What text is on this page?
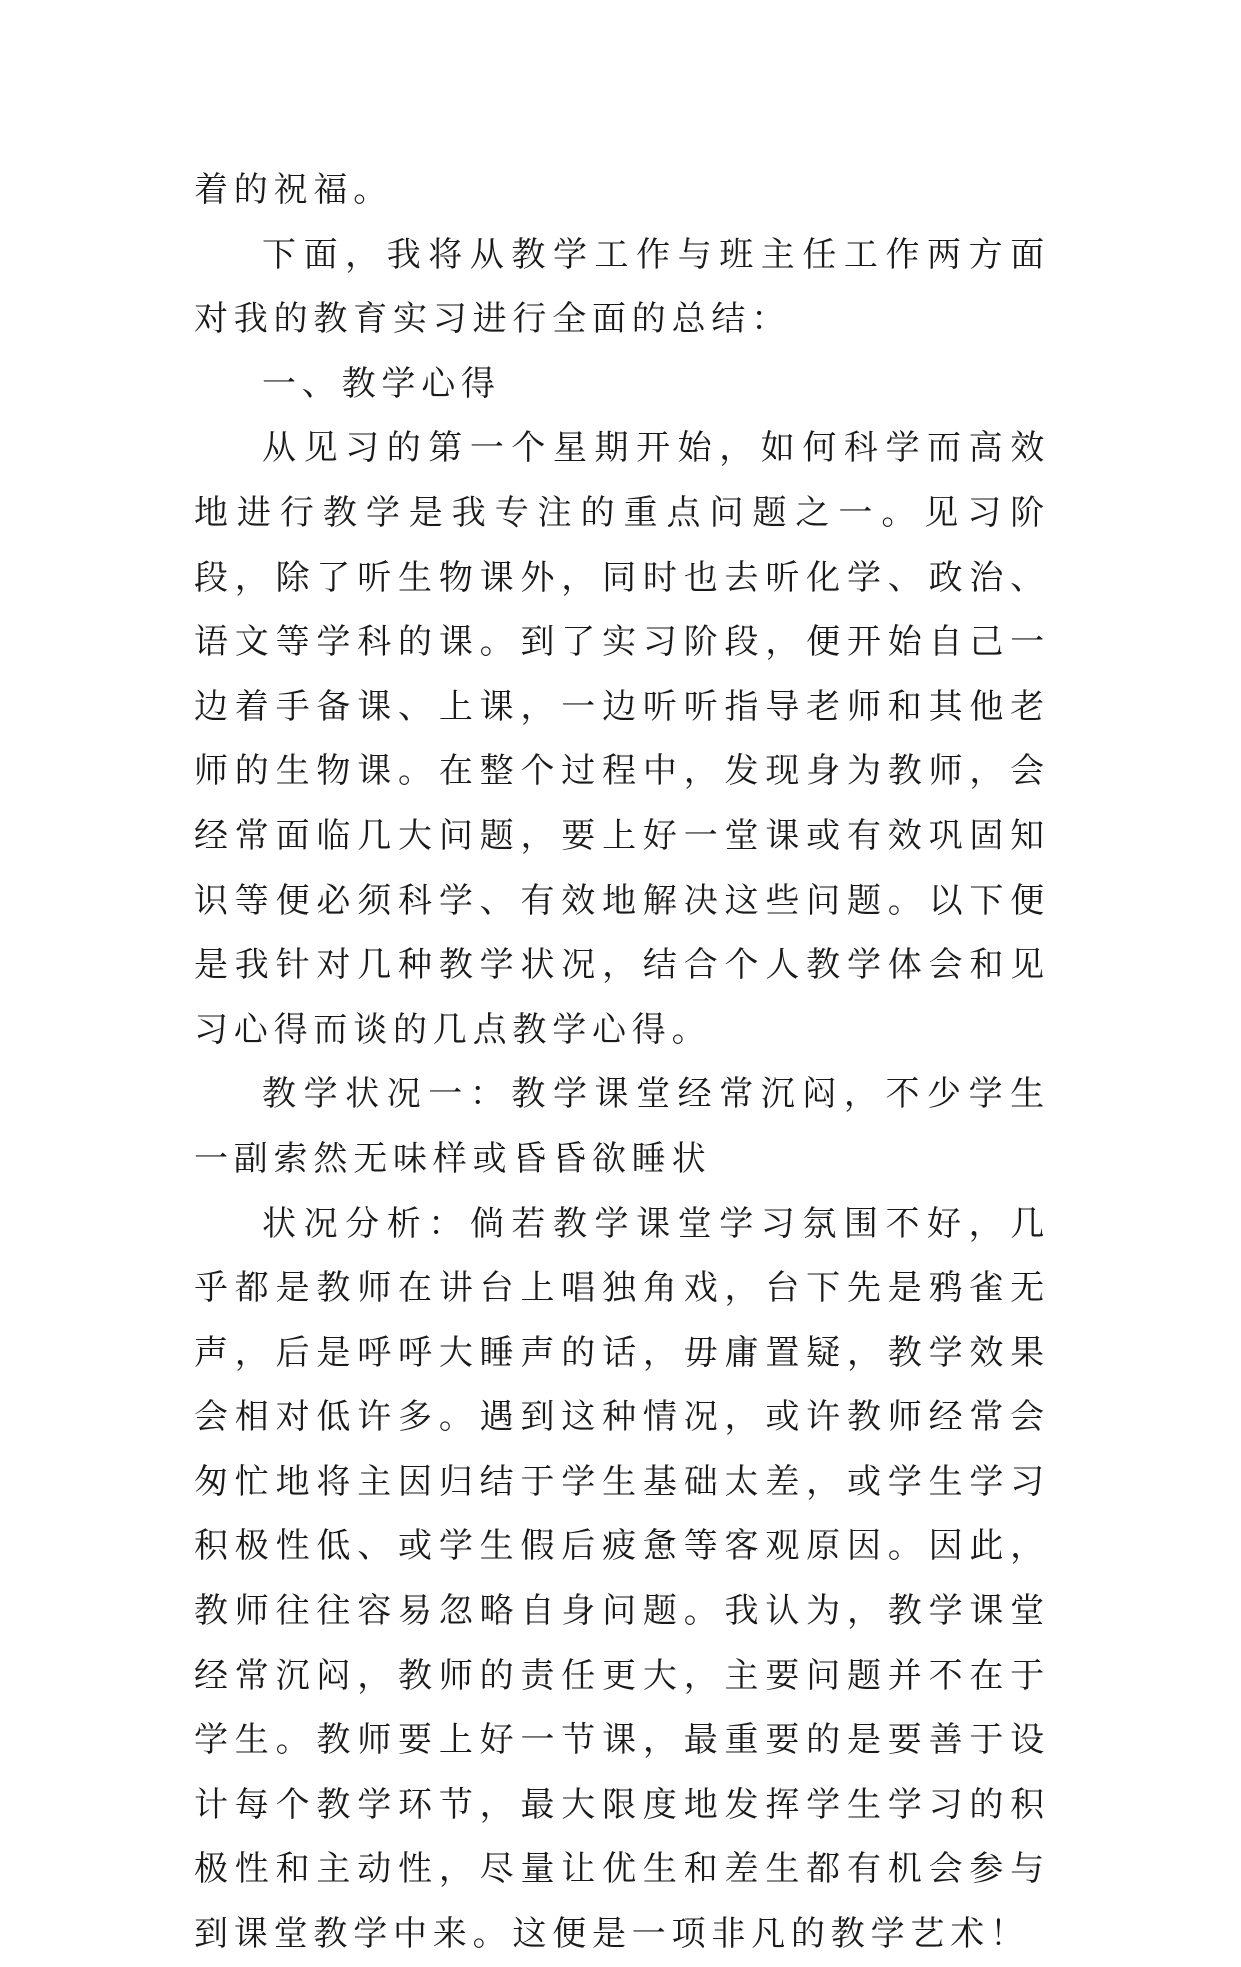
着的祝福。

下面，我将从教学工作与班主任工作两方面对我的教育实习进行全面的总结：

一、教学心得

从见习的第一个星期开始，如何科学而高效地进行教学是我专注的重点问题之一。见习阶段，除了听生物课外，同时也去听化学、政治、语文等学科的课。到了实习阶段，便开始自己一边着手备课、上课，一边听听指导老师和其他老师的生物课。在整个过程中，发现身为教师，会经常面临几大问题，要上好一堂课或有效巩固知识等便必须科学、有效地解决这些问题。以下便是我针对几种教学状况，结合个人教学体会和见习心得而谈的几点教学心得。

教学状况一：教学课堂经常沉闷，不少学生一副索然无味样或昏昏欲睡状

状况分析：倘若教学课堂学习氛围不好，几乎都是教师在讲台上唱独角戏，台下先是鸦雀无声，后是呼呼大睡声的话，毋庸置疑，教学效果会相对低许多。遇到这种情况，或许教师经常会匆忙地将主因归结于学生基础太差，或学生学习积极性低、或学生假后疲惫等客观原因。因此，教师往往容易忽略自身问题。我认为，教学课堂经常沉闷，教师的责任更大，主要问题并不在于学生。教师要上好一节课，最重要的是要善于设计每个教学环节，最大限度地发挥学生学习的积极性和主动性，尽量让优生和差生都有机会参与到课堂教学中来。这便是一项非凡的教学艺术！
